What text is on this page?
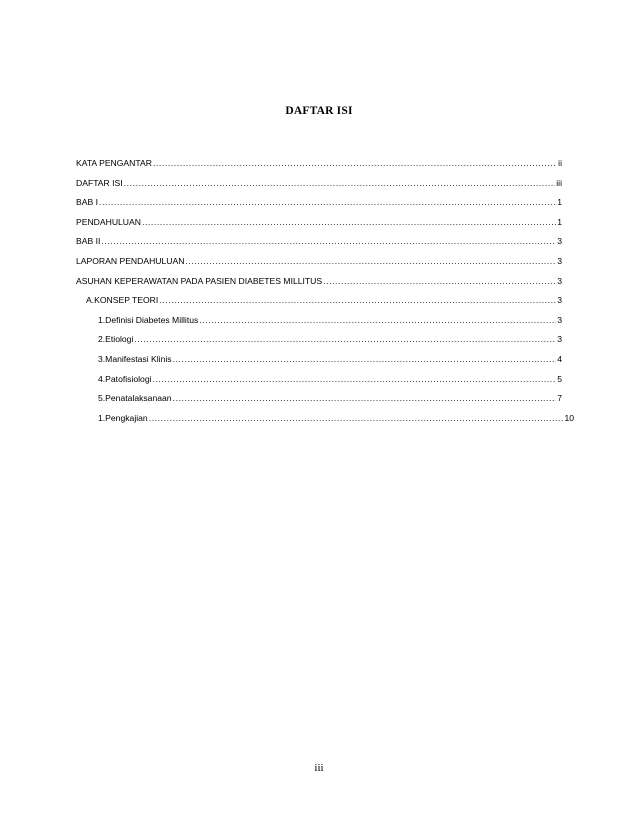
DAFTAR ISI
KATA PENGANTAR .....	ii
DAFTAR ISI .....	iii
BAB I .....	1
PENDAHULUAN .....	1
BAB II .....	3
LAPORAN PENDAHULUAN .....	3
ASUHAN KEPERAWATAN PADA PASIEN DIABETES MILLITUS .....	3
A.KONSEP TEORI .....	3
1.Definisi Diabetes Millitus .....	3
2.Etiologi .....	3
3.Manifestasi Klinis .....	4
4.Patofisiologi .....	5
5.Penatalaksanaan .....	7
1.Pengkajian .....	10
iii
